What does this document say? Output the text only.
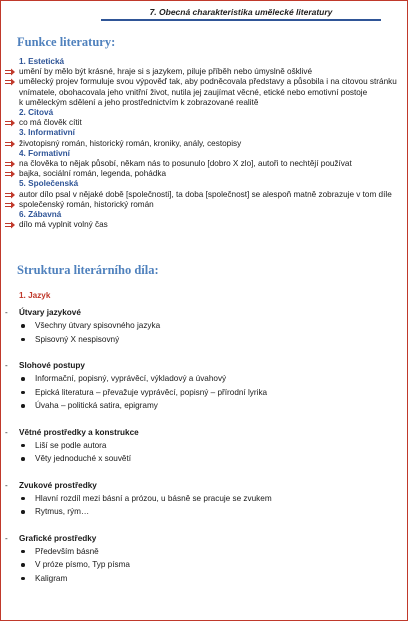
7. Obecná charakteristika umělecké literatury
Funkce literatury:
1. Estetická
umění by mělo být krásné, hraje si s jazykem, piluje příběh nebo úmyslně ošklivé
umělecký projev formuluje svou výpověď tak, aby podněcovala představy a působila i na citovou stránku
vnímatele, obohacovala jeho vnitřní život, nutila jej zaujímat věcné, etické nebo emotivní postoje
k uměleckým sdělení a jeho prostřednictvím k zobrazované realitě
2. Citová
co má člověk cítit
3. Informativní
životopisný román, historický román, kroniky, anály, cestopisy
4. Formativní
na člověka to nějak působí, někam nás to posunulo [dobro X zlo], autoři to nechtějí používat
bajka, sociální román, legenda, pohádka
5. Společenská
autor dílo psal v nějaké době [společnosti], ta doba [společnost] se alespoň matně zobrazuje v tom díle
společenský román, historický román
6. Zábavná
dílo má vyplnit volný čas
Struktura literárního díla:
1. Jazyk
- Útvary jazykové
Všechny útvary spisovného jazyka
Spisovný X nespisovný
- Slohové postupy
Informační, popisný, vyprávěcí, výkladový a úvahový
Epická literatura – převažuje vyprávěcí, popisný – přírodní lyrika
Úvaha – politická satira, epigramy
- Větné prostředky a konstrukce
Liší se podle autora
Věty jednoduché x souvětí
- Zvukové prostředky
Hlavní rozdíl mezi básní a prózou, u básně se pracuje se zvukem
Rytmus, rým…
- Grafické prostředky
Především básně
V próze písmo, Typ písma
Kaligram
